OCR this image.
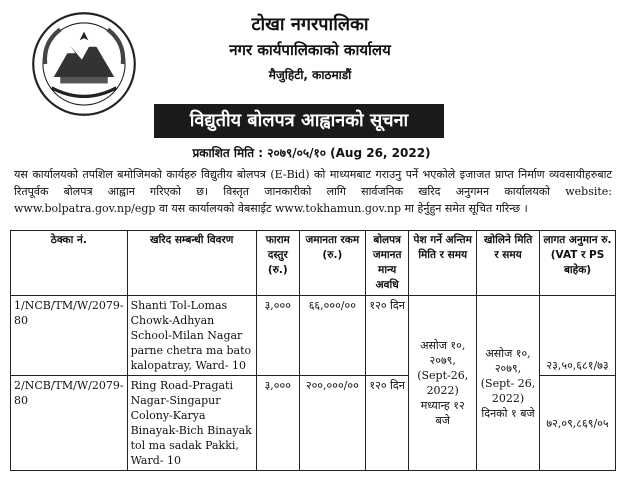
टोखा नगरपालिका
नगर कार्यपालिकाको कार्यालय
मैजुहिटी, काठमाडौं
विद्युतीय बोलपत्र आह्वानको सूचना
प्रकाशित मिति : २०७९/०५/१० (Aug 26, 2022)
यस कार्यालयको तपशिल बमोजिमको कार्यहरु विद्युतीय बोलपत्र (E-Bid) को माध्यमबाट गराउनु पर्ने भएकोले इजाजत प्राप्त निर्माण व्यवसायीहरुबाट रितपूर्वक बोलपत्र आह्वान गरिएको छ। विस्तृत जानकारीको लागि सार्वजनिक खरिद अनुगमन कार्यालयको website: www.bolpatra.gov.np/egp वा यस कार्यालयको वेबसाईट www.tokhamun.gov.np मा हेर्नुहुन समेत सूचित गरिन्छ ।
ठेक्का नं.	खरिद सम्बन्धी विवरण	फाराम दस्तुर (रु.)	जमानता रकम (रु.)	बोलपत्र जमानत मान्य अवधि	पेश गर्ने अन्तिम मिति र समय	खोलिने मिति र समय	लागत अनुमान रु. (VAT र PS बाहेक)
1/NCB/TM/W/2079-80	Shanti Tol-Lomas Chowk-Adhyan School-Milan Nagar parne chetra ma bato kalopatray, Ward- 10	३,०००	६६,०००/००	१२० दिन	असोज १०, २०७९, (Sept-26, 2022) मध्यान्ह १२ बजे	असोज १०, २०७९, (Sept- 26, 2022) दिनको १ बजे	२३,५०,६८१/७३
2/NCB/TM/W/2079-80	Ring Road-Pragati Nagar-Singapur Colony-Karya Binayak-Bich Binayak tol ma sadak Pakki, Ward- 10	३,०००	२००,०००/००	१२० दिन			७२,०९,८६९/०५
